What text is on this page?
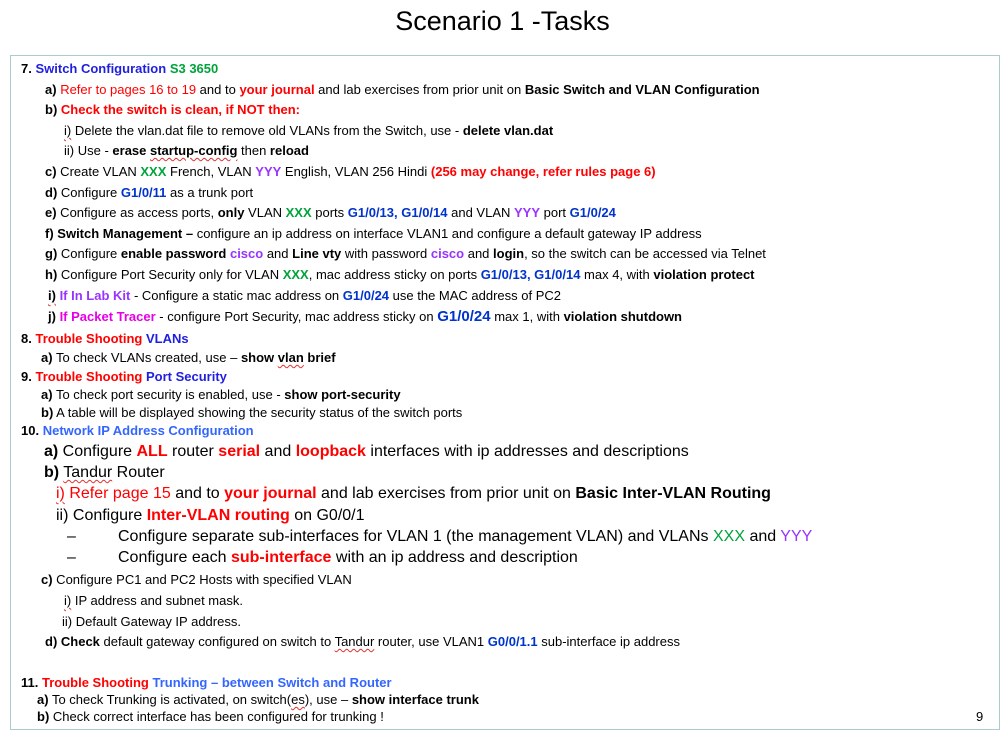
Scenario 1 -Tasks
7. Switch Configuration S3 3650
a) Refer to pages 16 to 19 and to your journal and lab exercises from prior unit on Basic Switch and VLAN Configuration
b) Check the switch is clean, if NOT then:
i) Delete the vlan.dat file to remove old VLANs from the Switch, use - delete vlan.dat
ii) Use - erase startup-config then reload
c) Create VLAN XXX French, VLAN YYY English, VLAN 256 Hindi (256 may change, refer rules page 6)
d) Configure G1/0/11 as a trunk port
e) Configure as access ports, only VLAN XXX ports G1/0/13, G1/0/14 and VLAN YYY port G1/0/24
f) Switch Management – configure an ip address on interface VLAN1 and configure a default gateway IP address
g) Configure enable password cisco and Line vty with password cisco and login, so the switch can be accessed via Telnet
h) Configure Port Security only for VLAN XXX, mac address sticky on ports G1/0/13, G1/0/14 max 4, with violation protect
i) If In Lab Kit - Configure a static mac address on G1/0/24 use the MAC address of PC2
j) If Packet Tracer - configure Port Security, mac address sticky on G1/0/24 max 1, with violation shutdown
8. Trouble Shooting VLANs
a) To check VLANs created, use – show vlan brief
9. Trouble Shooting Port Security
a) To check port security is enabled, use - show port-security
b) A table will be displayed showing the security status of the switch ports
10. Network IP Address Configuration
a) Configure ALL router serial and loopback interfaces with ip addresses and descriptions
b) Tandur Router
i) Refer page 15 and to your journal and lab exercises from prior unit on Basic Inter-VLAN Routing
ii) Configure Inter-VLAN routing on G0/0/1
–	Configure separate sub-interfaces for VLAN 1 (the management VLAN) and VLANs XXX and YYY
–	Configure each sub-interface with an ip address and description
c) Configure PC1 and PC2 Hosts with specified VLAN
i) IP address and subnet mask.
ii) Default Gateway IP address.
d) Check default gateway configured on switch to Tandur router, use VLAN1 G0/0/1.1 sub-interface ip address
11. Trouble Shooting Trunking – between Switch and Router
a) To check Trunking is activated, on switch(es), use – show interface trunk
b) Check correct interface has been configured for trunking !	9
